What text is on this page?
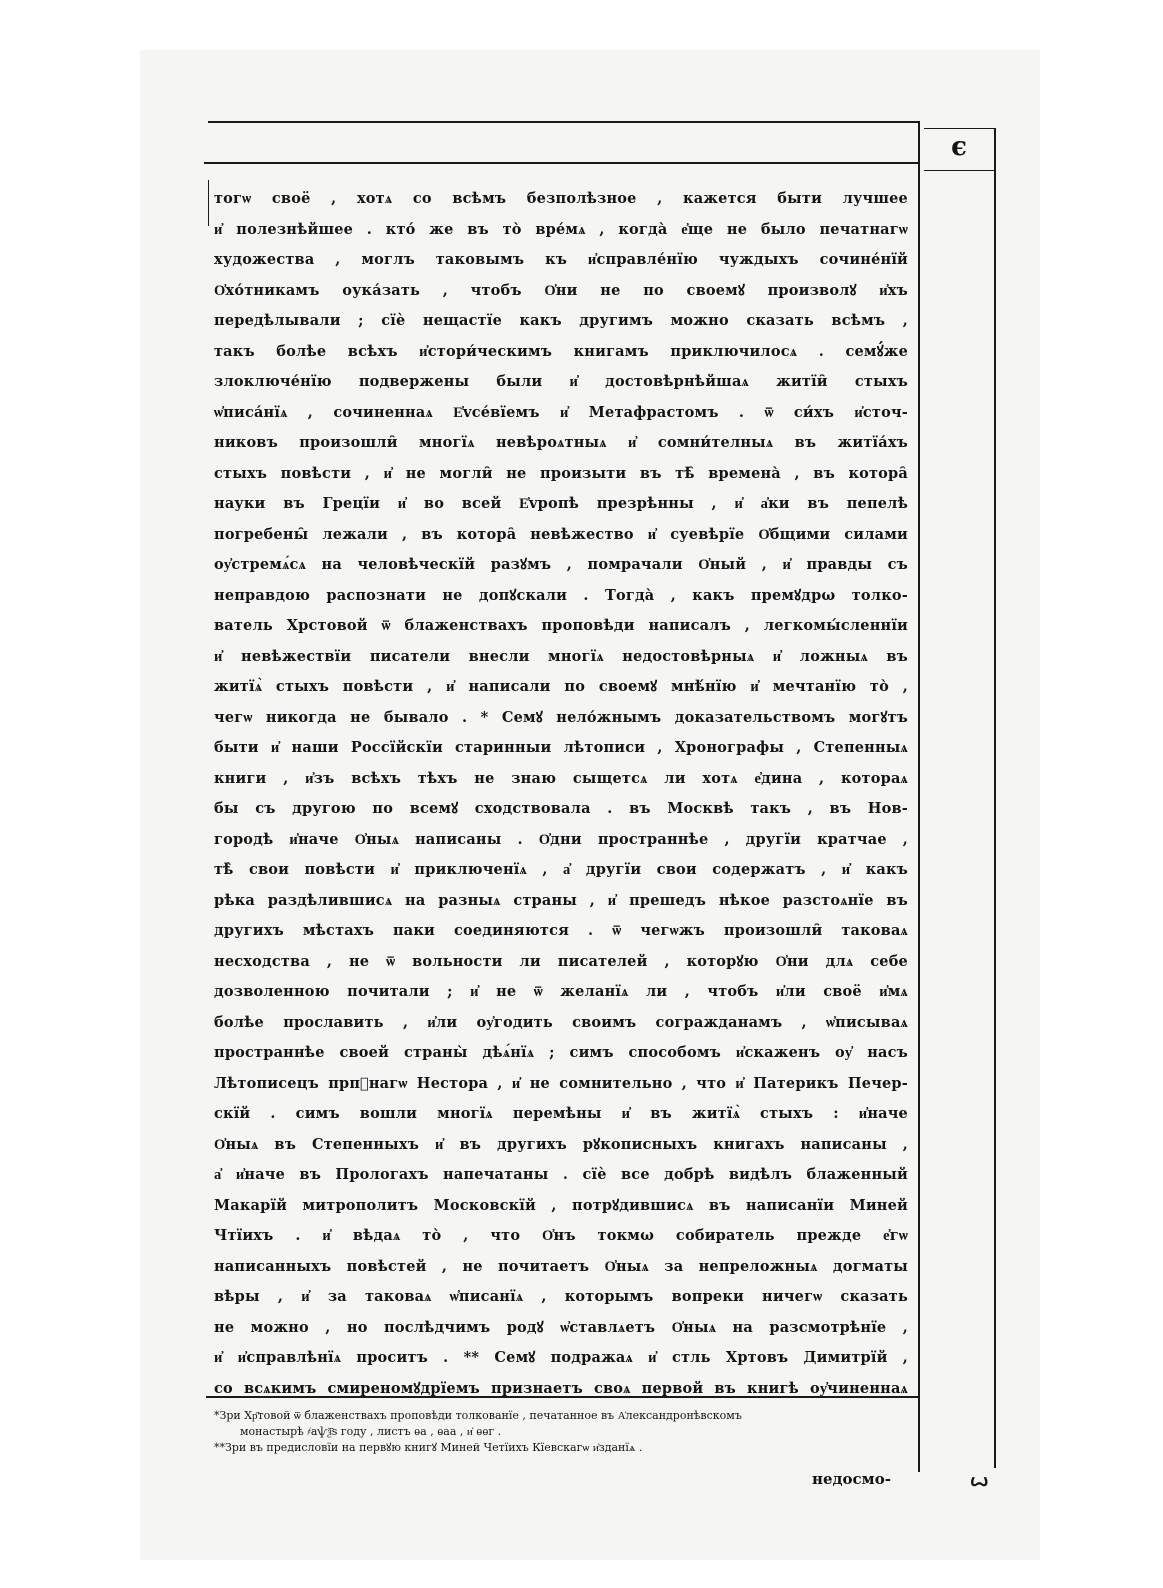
є
тогѡ своё , хотѧ со всѣмъ безполѣзное , кажется быти лучшее
и҆ полезнѣйшее . кто́ же въ то̀ вре́мѧ , когда̀ е҆ще не было печатнагѡ
художества , моглъ таковымъ къ и҆справле́нїю чуждыхъ сочине́нїй
О҆хо́тникамъ оука́зать , чтобъ О҆ни не по своемꙋ произволꙋ и҆хъ
передѣлывали ; сїѐ нещастїе какъ другимъ можно сказать всѣмъ ,
такъ болѣе всѣхъ и҆стори́ческимъ книгамъ приключилосѧ . семꙋ́же
злоключе́нїю подвержены были и҆ достовѣрнѣйшаѧ житїи̑ стыхъ
ѡ҆писа́нїѧ , сочиненнаѧ Е҆vсе́вїемъ и҆ Метафрастомъ . ѿ си́хъ и҆сточ-
никовъ произошли̑ многїѧ невѣроѧтныѧ и҆ сомни́телныѧ въ житїа́хъ
стыхъ повѣсти , и҆ не могли̑ не произыти въ тѣ̑ времена̀ , въ котора̑
науки въ Грецїи и҆ во всей Е҆vропѣ презрѣнны , и҆ а҆ки въ пепелѣ
погребены̑ лежали , въ котора̑ невѣжество и҆ суевѣрїе О҆бщими силами
оу҆стремѧ́сѧ на человѣческїй разꙋмъ , помрачали О҆ный , и҆ правды съ
неправдою распознати не допꙋскали . Тогда̀ , какъ премꙋдрω толко-
ватель Хрстовой ѿ блаженствахъ проповѣди написалъ , легкомы́сленнїи
и҆ невѣжествїи писатели внесли многїѧ недостовѣрныѧ и҆ ложныѧ въ
житїѧ̀ стыхъ повѣсти , и҆ написали по своемꙋ мнѣ́нїю и҆ мечтанїю то̀ ,
чегѡ никогда не бывало . * Семꙋ нело́жнымъ доказательствомъ могꙋтъ
быти и҆ наши Россїйскїи старинныи лѣтописи , Хронографы , Степенныѧ
книги , и҆зъ всѣхъ тѣхъ не знаю сыщетсѧ ли хотѧ е҆дина , котораѧ
бы съ другою по всемꙋ сходствовала . въ Москвѣ такъ , въ Нов-
городѣ и҆наче О҆ныѧ написаны . О҆дни пространнѣе , другїи кратчае ,
тѣ̀ свои повѣсти и҆ приключенїѧ , а҆ другїи свои содержатъ , и҆ какъ
рѣка раздѣлившисѧ на разныѧ страны , и҆ прешедъ нѣкое разстоѧнїе въ
другихъ мѣстахъ паки соединяются . ѿ чегѡжъ произошли̑ таковаѧ
несходства , не ѿ вольности ли писателей , которꙋю О҆ни длѧ себе
дозволенною почитали ; и҆ не ѿ желанїѧ ли , чтобъ и҆ли своё и҆мѧ
болѣе прославить , и҆ли оу҆годить своимъ согражданамъ , ѡ҆писываѧ
пространнѣе своей страны̀ дѣѧ́нїѧ ; симъ способомъ и҆скаженъ оу҆ насъ
Лѣтописецъ прпⷣнагѡ Нестора , и҆ не сомнительно , что и҆ Патерикъ Печер-
скїй . симъ вошли многїѧ перемѣны и҆ въ житїѧ̀ стыхъ : и҆наче
О҆ныѧ въ Степенныхъ и҆ въ другихъ рꙋкописныхъ книгахъ написаны ,
а҆ и҆наче въ Прологахъ напечатаны . сїѐ все добрѣ видѣлъ блаженный
Макарїй митрополитъ Московскїй , потрꙋдившисѧ въ написанїи Миней
Чтїихъ . и҆ вѣдаѧ то̀ , что О҆нъ токмω собиратель прежде е҆гѡ
написанныхъ повѣстей , не почитаетъ О҆ныѧ за непреложныѧ догматы
вѣры , и҆ за таковаѧ ѡ҆писанїѧ , которымъ вопреки ничегѡ сказать
не можно , но послѣдчимъ родꙋ ѡ҆ставлѧетъ О҆ныѧ на разсмотрѣнїе ,
и҆ и҆справлѣнїѧ проситъ . ** Семꙋ подражаѧ и҆ стль Хртовъ Димитрїй ,
со всѧкимъ смиреномꙋдрїемъ признаетъ своѧ первой въ книгѣ оу҆чиненнаѧ
*Зри Хр҃товой ѿ блаженствахъ проповѣди толкованїе , печатанное въ А҆лександронѣвскомъ
монастырѣ ҂аѱѯ҃ѕ году , листъ ѳа , ѳаа , и҆ ѳѳг .
**Зри въ предисловїи на первꙋю книгꙋ Миней Четїихъ Кїевскагѡ и҆зданїѧ .
недосмо-	ꙍ
